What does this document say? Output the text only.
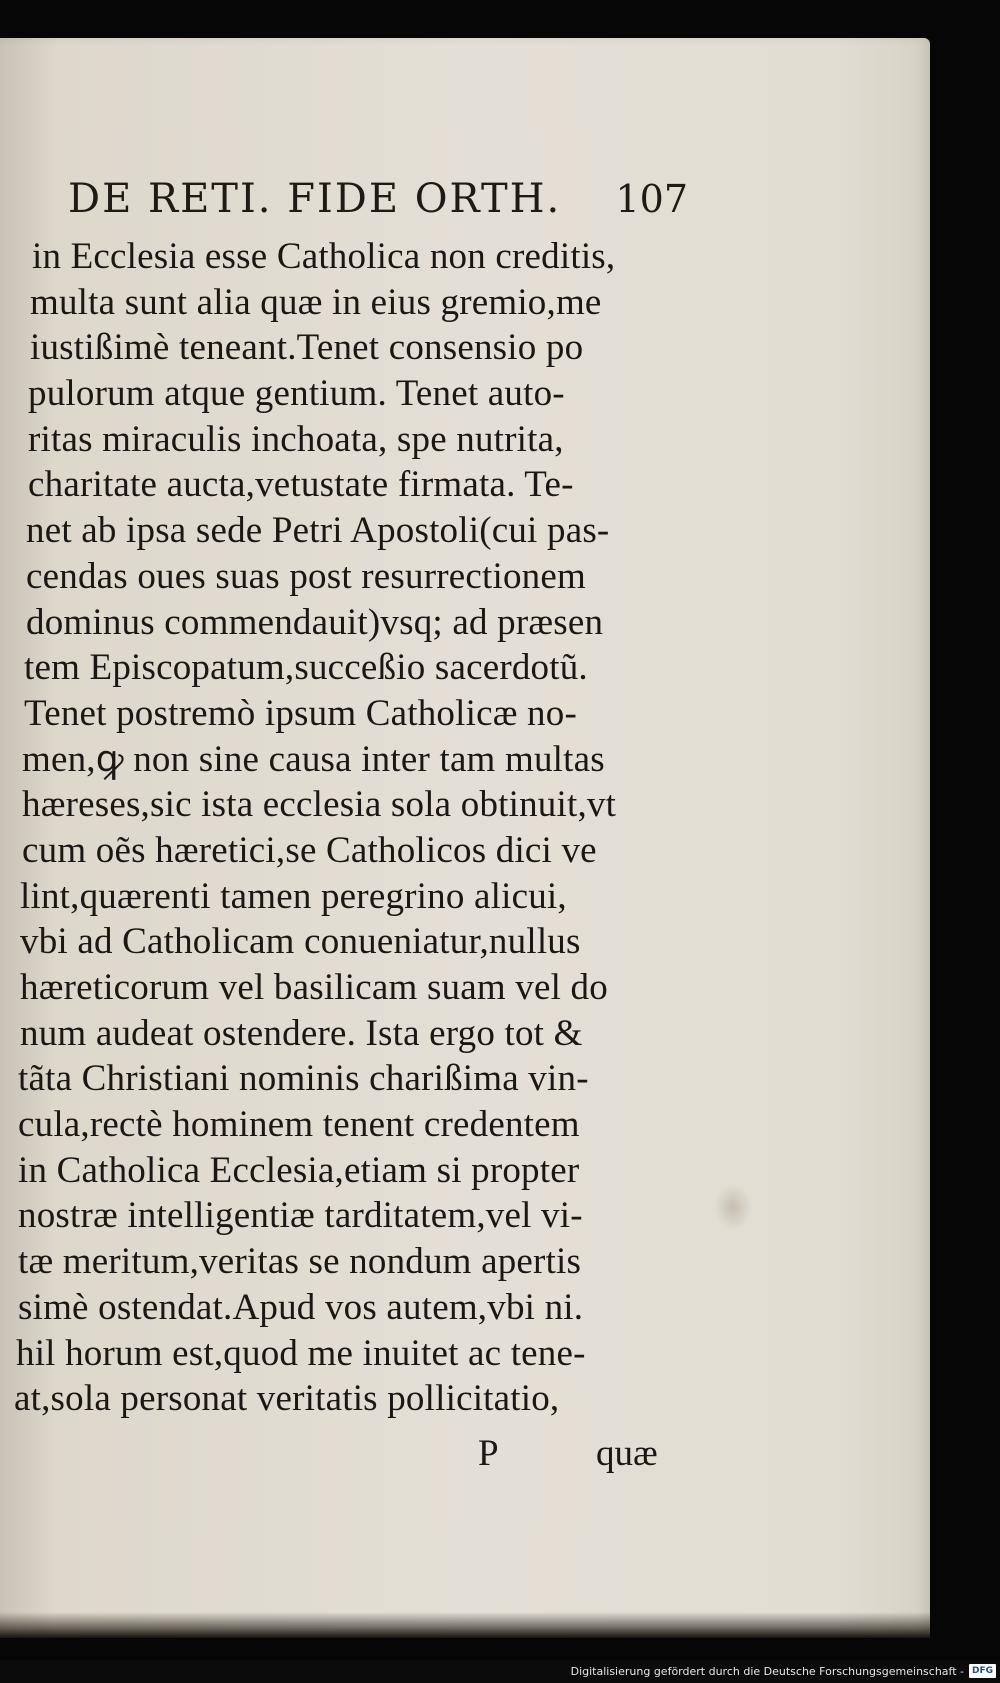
DE RETI. FIDE ORTH. 107
in Ecclesia esse Catholica non creditis,
multa sunt alia quæ in eius gremio,me
iustißimè teneant.Tenet consensio po
pulorum atque gentium. Tenet auto-
ritas miraculis inchoata, spe nutrita,
charitate aucta,vetustate firmata. Te-
net ab ipsa sede Petri Apostoli(cui pas-
cendas oues suas post resurrectionem
dominus commendauit)vsq; ad præsen
tem Episcopatum,succeßio sacerdotũ.
Tenet postremò ipsum Catholicæ no-
men,ꝙ non sine causa inter tam multas
hæreses,sic ista ecclesia sola obtinuit,vt
cum oẽs hæretici,se Catholicos dici ve
lint,quærenti tamen peregrino alicui,
vbi ad Catholicam conueniatur,nullus
hæreticorum vel basilicam suam vel do
num audeat ostendere. Ista ergo tot &
tãta Christiani nominis charißima vin-
cula,rectè hominem tenent credentem
in Catholica Ecclesia,etiam si propter
nostræ intelligentiæ tarditatem,vel vi-
tæ meritum,veritas se nondum apertis
simè ostendat.Apud vos autem,vbi ni.
hil horum est,quod me inuitet ac tene-
at,sola personat veritatis pollicitatio,
P	quæ
Digitalisierung gefördert durch die Deutsche Forschungsgemeinschaft - DFG
